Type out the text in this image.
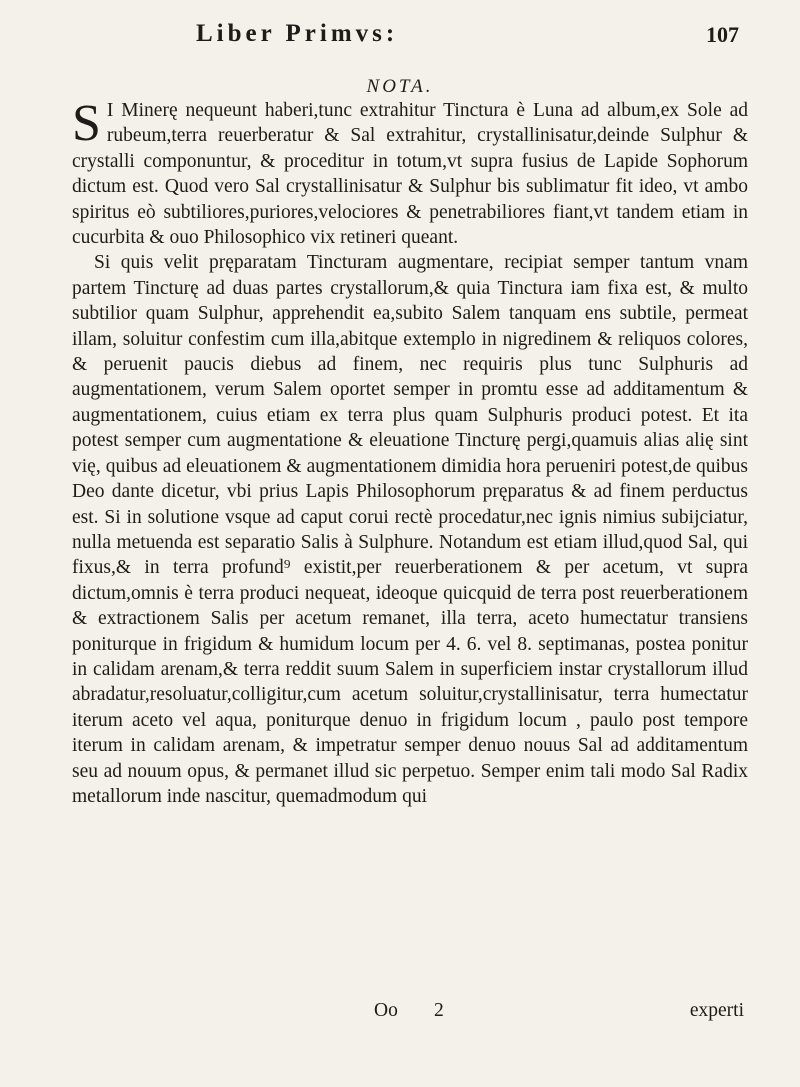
Liber Primvs:	107
NOTA.

S I Minerę nequeunt haberi,tunc extrahitur Tinctura è Luna ad album,ex Sole ad rubeum,terra reuerberatur & Sal extrahitur, crystallinisatur,deinde Sulphur & crystalli componuntur, & proceditur in totum,vt supra fusius de Lapide Sophorum dictum est. Quod vero Sal crystallinisatur & Sulphur bis sublimatur fit ideo, vt ambo spiritus eò subtiliores,puriores,velociores & penetrabiliores fiant,vt tandem etiam in cucurbita & ouo Philosophico vix retineri queant.

Si quis velit pręparatam Tincturam augmentare, recipiat semper tantum vnam partem Tincturę ad duas partes crystallorum,& quia Tinctura iam fixa est, & multo subtilior quam Sulphur, apprehendit ea,subito Salem tanquam ens subtile, permeat illam, soluitur confestim cum illa,abitque extemplo in nigredinem & reliquos colores, & peruenit paucis diebus ad finem, nec requiris plus tunc Sulphuris ad augmentationem, verum Salem oportet semper in promtu esse ad additamentum & augmentationem, cuius etiam ex terra plus quam Sulphuris produci potest. Et ita potest semper cum augmentatione & eleuatione Tincturę pergi,quamuis alias alię sint vię, quibus ad eleuationem & augmentationem dimidia hora perueniri potest,de quibus Deo dante dicetur, vbi prius Lapis Philosophorum pręparatus & ad finem perductus est. Si in solutione vsque ad caput corui rectè procedatur,nec ignis nimius subijciatur, nulla metuenda est separatio Salis à Sulphure. Notandum est etiam illud,quod Sal, qui fixus,& in terra profund⁹ existit,per reuerberationem & per acetum, vt supra dictum,omnis è terra produci nequeat, ideoque quicquid de terra post reuerberationem & extractionem Salis per acetum remanet, illa terra, aceto humectatur transiens poniturque in frigidum & humidum locum per 4. 6. vel 8. septimanas, postea ponitur in calidam arenam,& terra reddit suum Salem in superficiem instar crystallorum illud abradatur,resoluatur,colligitur,cum acetum soluitur,crystallinisatur, terra humectatur iterum aceto vel aqua, poniturque denuo in frigidum locum , paulo post tempore iterum in calidam arenam, & impetratur semper denuo nouus Sal ad additamentum seu ad nouum opus, & permanet illud sic perpetuo. Semper enim tali modo Sal Radix metallorum inde nascitur, quemadmodum qui

Oo 2	experti
